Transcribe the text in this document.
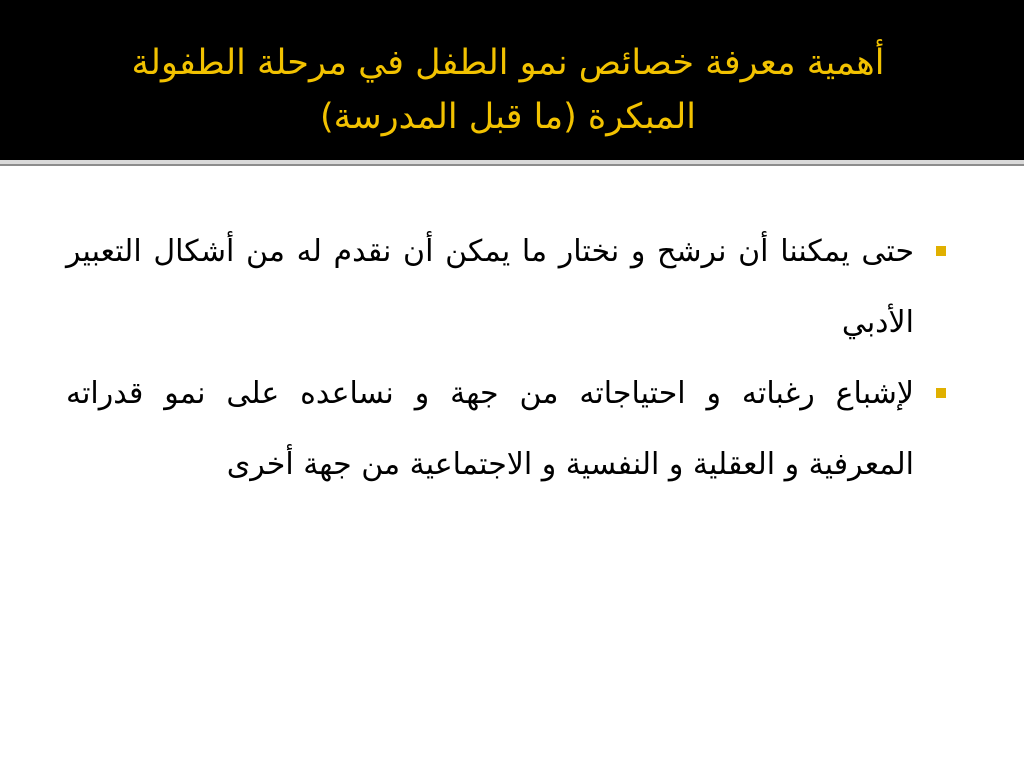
أهمية معرفة خصائص نمو الطفل في مرحلة الطفولة المبكرة (ما قبل المدرسة)
حتى يمكننا أن نرشح و نختار ما يمكن أن نقدم له من أشكال التعبير الأدبي
لإشباع رغباته و احتياجاته من جهة و نساعده على نمو قدراته المعرفية و العقلية و النفسية و الاجتماعية من جهة أخرى
